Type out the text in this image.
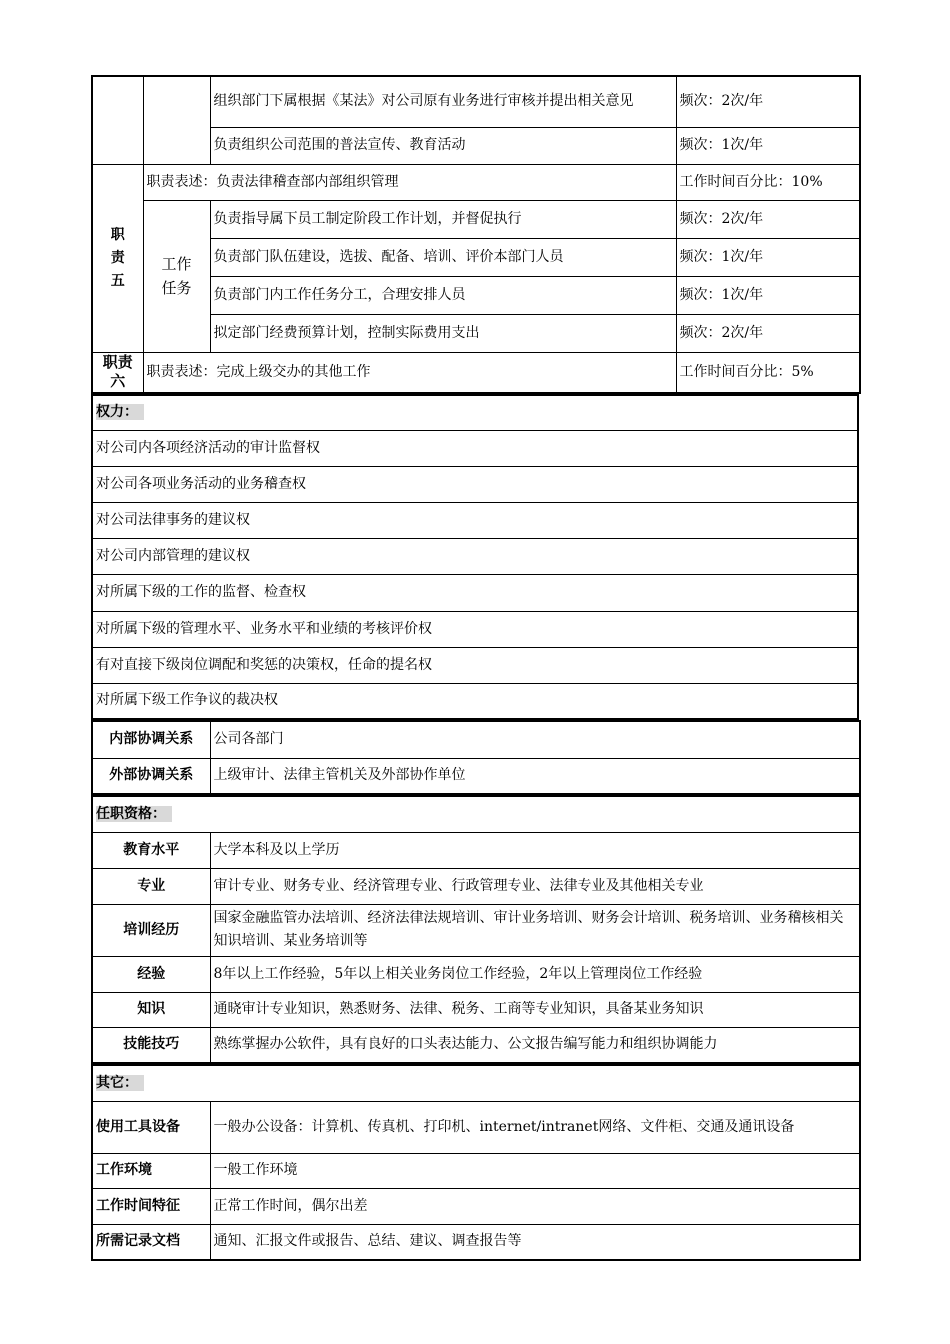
		组织部门下属根据《某法》对公司原有业务进行审核并提出相关意见	频次：2次/年
		负责组织公司范围的普法宣传、教育活动	频次：1次/年

职责五	职责表述：负责法律稽查部内部组织管理		工作时间百分比：10%

	工作任务	负责指导属下员工制定阶段工作计划，并督促执行	频次：2次/年
		负责部门队伍建设，选拔、配备、培训、评价本部门人员	频次：1次/年
		负责部门内工作任务分工，合理安排人员	频次：1次/年
		拟定部门经费预算计划，控制实际费用支出	频次：2次/年

职责六	职责表述：完成上级交办的其他工作		工作时间百分比：5%
权力：
对公司内各项经济活动的审计监督权
对公司各项业务活动的业务稽查权
对公司法律事务的建议权
对公司内部管理的建议权
对所属下级的工作的监督、检查权
对所属下级的管理水平、业务水平和业绩的考核评价权
有对直接下级岗位调配和奖惩的决策权，任命的提名权
对所属下级工作争议的裁决权
内部协调关系	公司各部门
外部协调关系	上级审计、法律主管机关及外部协作单位
任职资格：	
教育水平	大学本科及以上学历
专业	审计专业、财务专业、经济管理专业、行政管理专业、法律专业及其他相关专业
培训经历	国家金融监管办法培训、经济法律法规培训、审计业务培训、财务会计培训、税务培训、业务稽核相关知识培训、某业务培训等
经验	8年以上工作经验，5年以上相关业务岗位工作经验，2年以上管理岗位工作经验
知识	通晓审计专业知识，熟悉财务、法律、税务、工商等专业知识，具备某业务知识
技能技巧	熟练掌握办公软件，具有良好的口头表达能力、公文报告编写能力和组织协调能力
其它：	
使用工具设备	一般办公设备：计算机、传真机、打印机、internet/intranet网络、文件柜、交通及通讯设备
工作环境	一般工作环境
工作时间特征	正常工作时间，偶尔出差
所需记录文档	通知、汇报文件或报告、总结、建议、调查报告等
